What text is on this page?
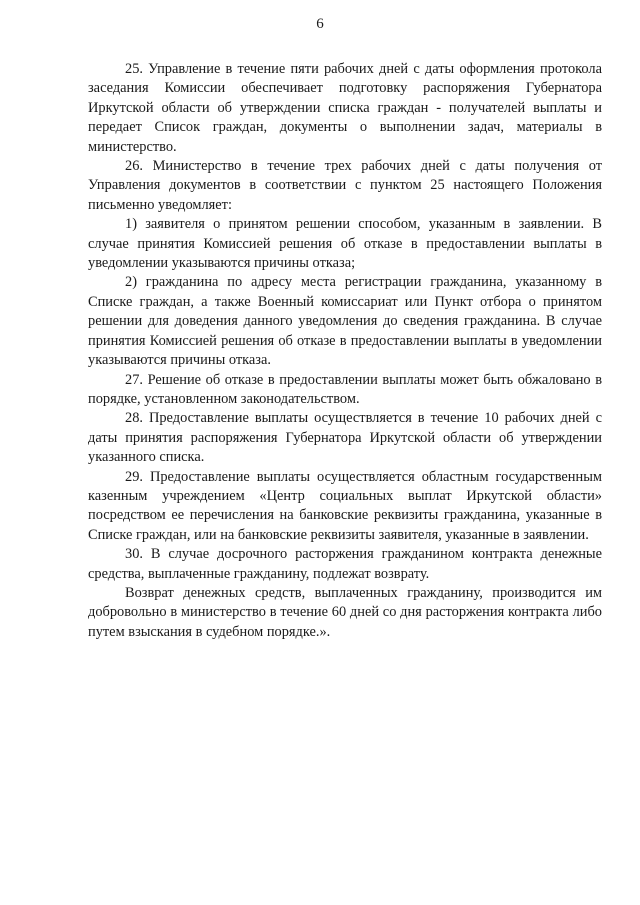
6

25. Управление в течение пяти рабочих дней с даты оформления протокола заседания Комиссии обеспечивает подготовку распоряжения Губернатора Иркутской области об утверждении списка граждан - получателей выплаты и передает Список граждан, документы о выполнении задач, материалы в министерство.

26. Министерство в течение трех рабочих дней с даты получения от Управления документов в соответствии с пунктом 25 настоящего Положения письменно уведомляет:

1) заявителя о принятом решении способом, указанным в заявлении. В случае принятия Комиссией решения об отказе в предоставлении выплаты в уведомлении указываются причины отказа;

2) гражданина по адресу места регистрации гражданина, указанному в Списке граждан, а также Военный комиссариат или Пункт отбора о принятом решении для доведения данного уведомления до сведения гражданина. В случае принятия Комиссией решения об отказе в предоставлении выплаты в уведомлении указываются причины отказа.

27. Решение об отказе в предоставлении выплаты может быть обжаловано в порядке, установленном законодательством.

28. Предоставление выплаты осуществляется в течение 10 рабочих дней с даты принятия распоряжения Губернатора Иркутской области об утверждении указанного списка.

29. Предоставление выплаты осуществляется областным государственным казенным учреждением «Центр социальных выплат Иркутской области» посредством ее перечисления на банковские реквизиты гражданина, указанные в Списке граждан, или на банковские реквизиты заявителя, указанные в заявлении.

30. В случае досрочного расторжения гражданином контракта денежные средства, выплаченные гражданину, подлежат возврату.

Возврат денежных средств, выплаченных гражданину, производится им добровольно в министерство в течение 60 дней со дня расторжения контракта либо путем взыскания в судебном порядке.».
